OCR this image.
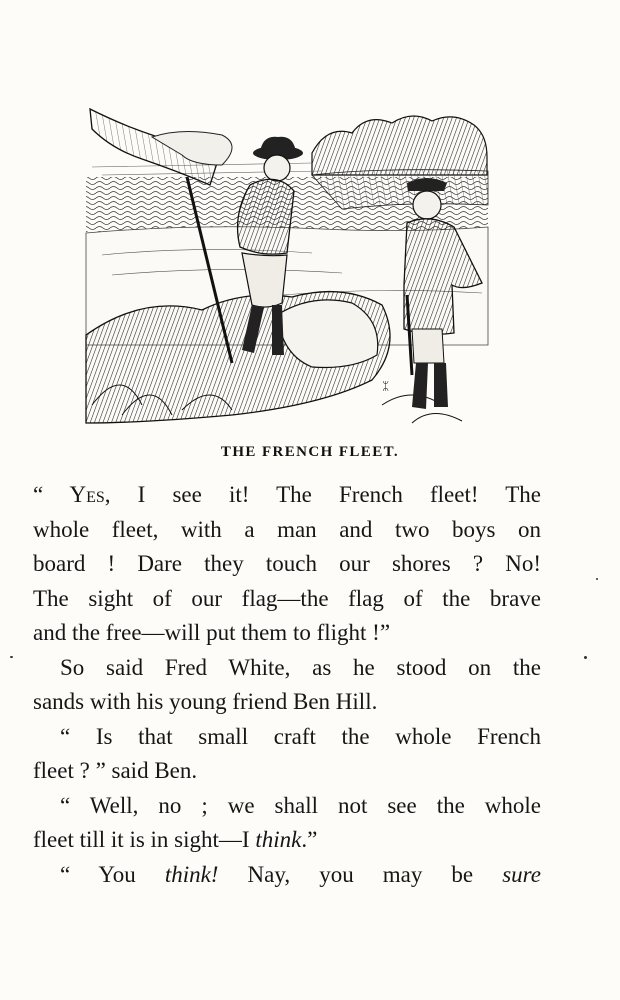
ᛯ
THE FRENCH FLEET.
“ Yes, I see it! The French fleet! The
whole fleet, with a man and two boys on
board ! Dare they touch our shores ? No!
The sight of our flag—the flag of the brave
and the free—will put them to flight !”
So said Fred White, as he stood on the
sands with his young friend Ben Hill.
“ Is that small craft the whole French
fleet ? ” said Ben.
“ Well, no ; we shall not see the whole
fleet till it is in sight—I think.”
“ You think! Nay, you may be sure
